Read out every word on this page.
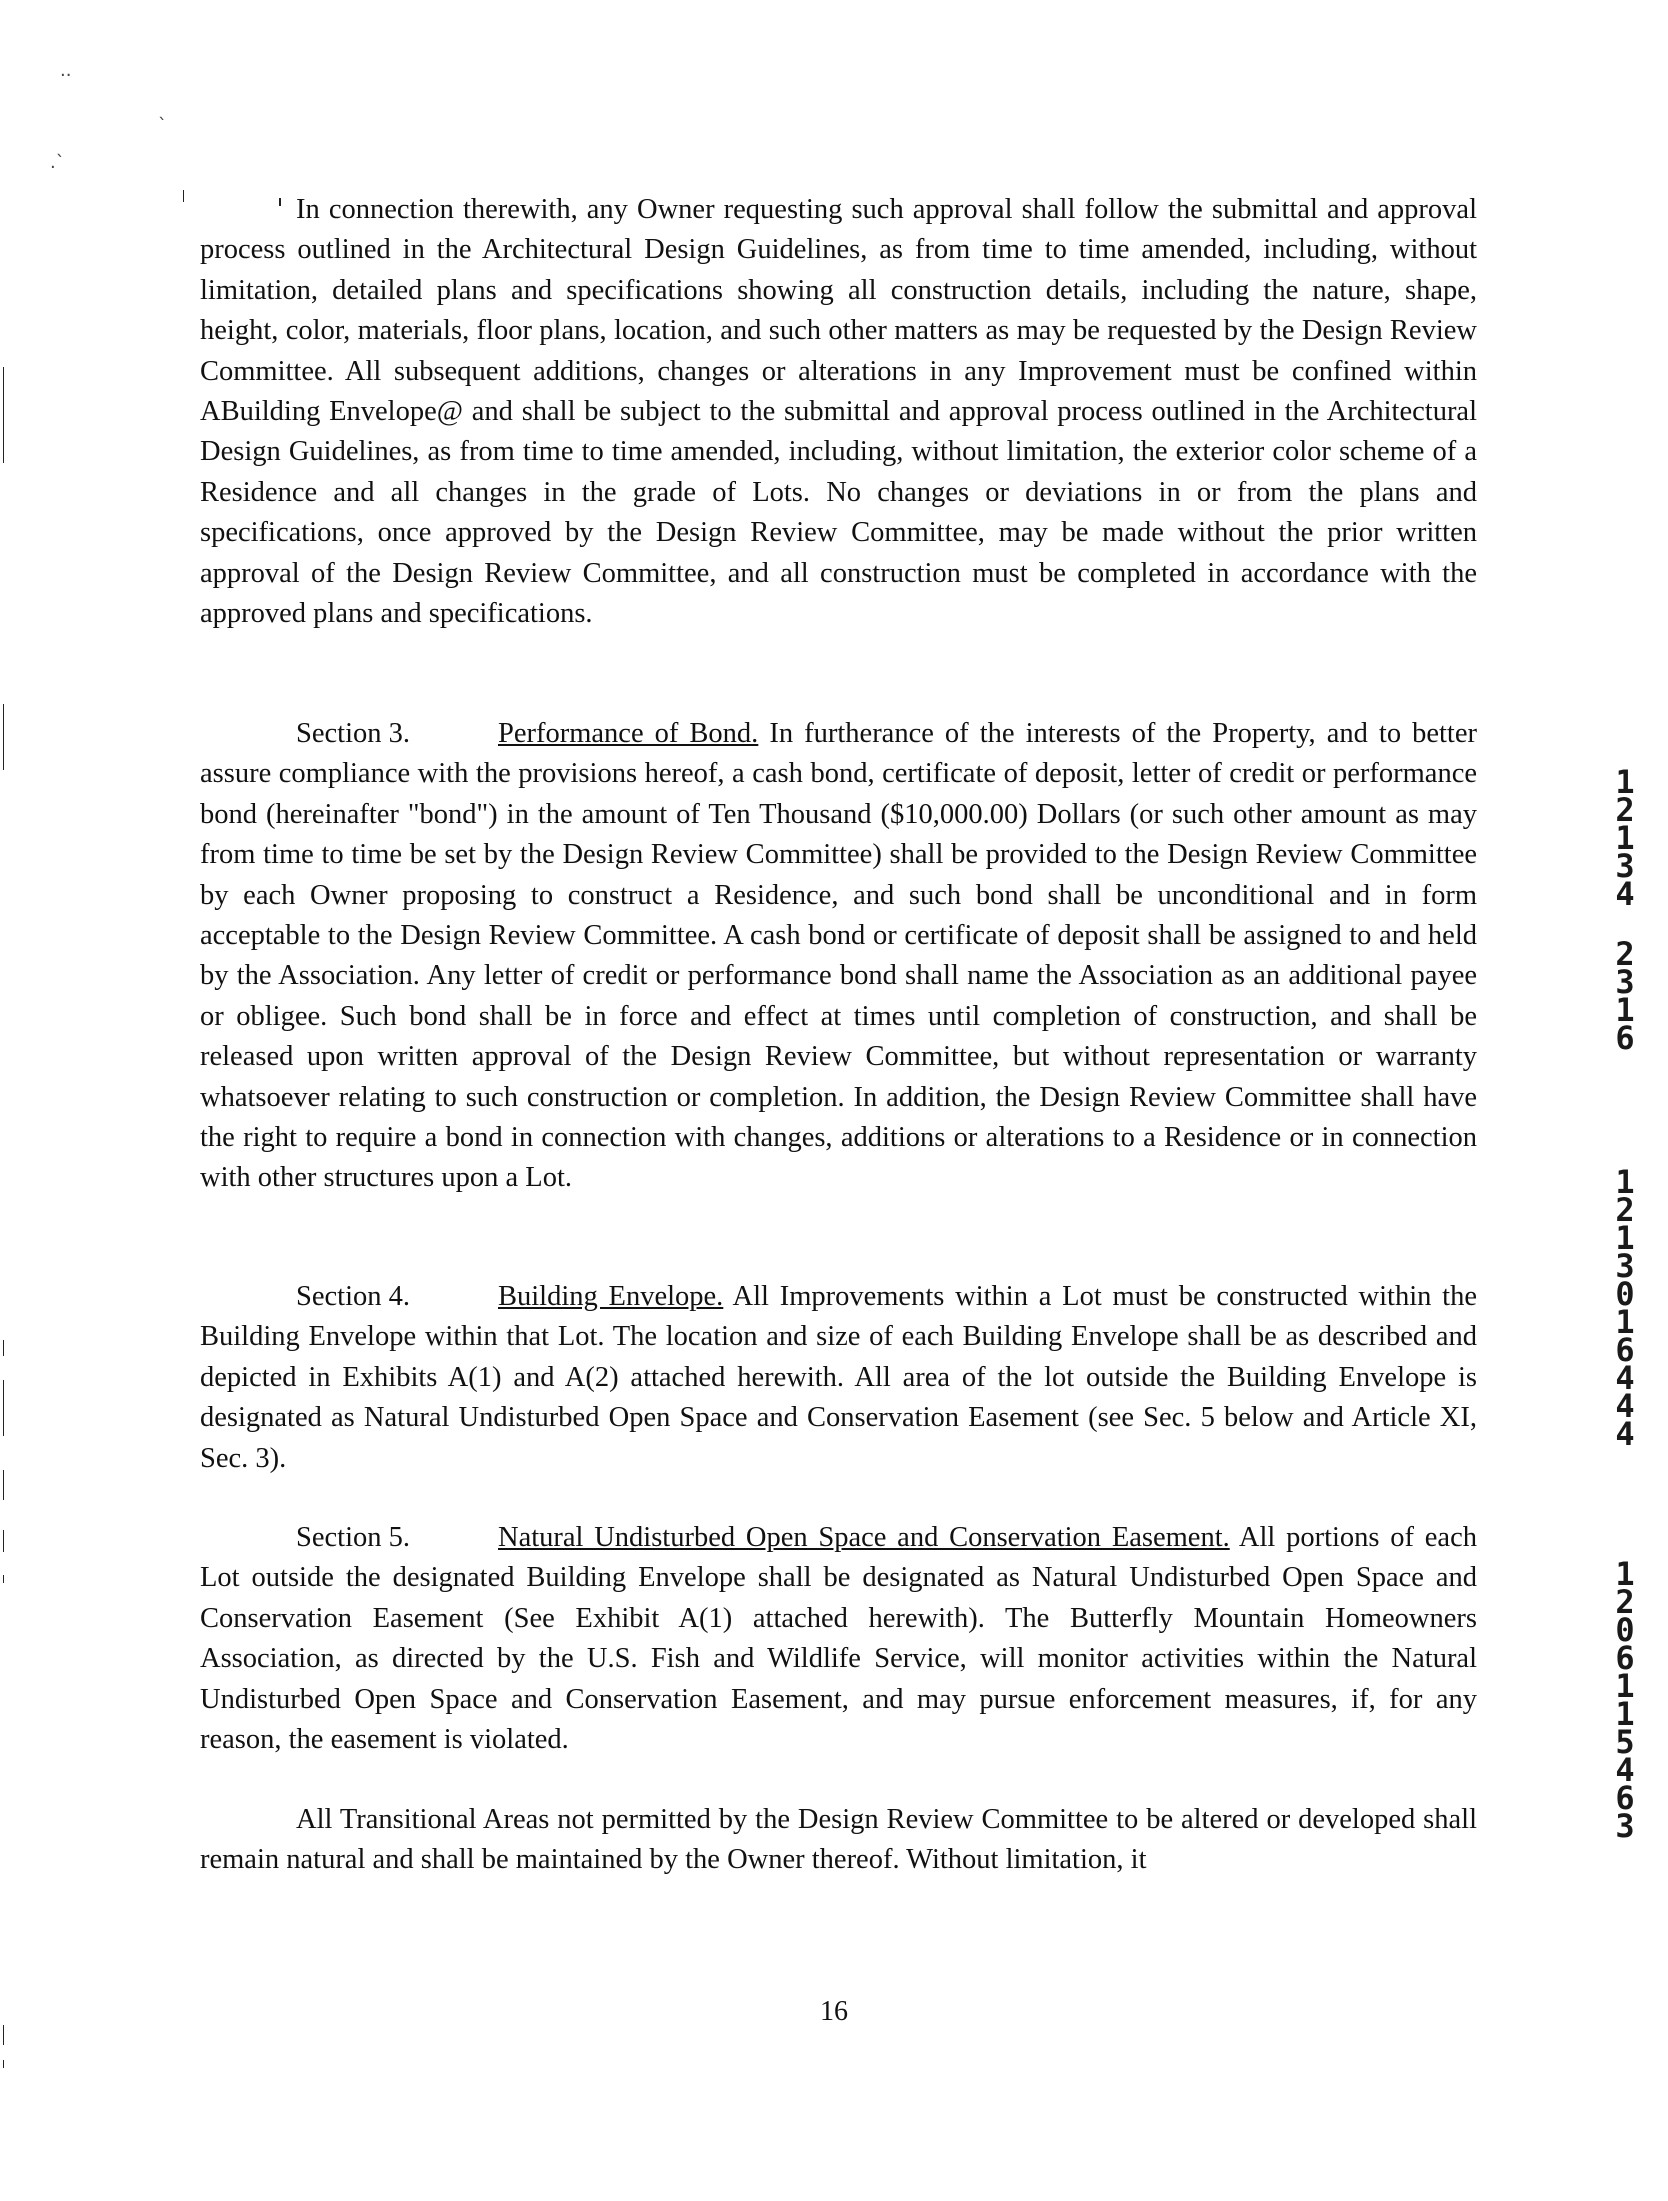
..
ˎ
.ˋ

In connection therewith, any Owner requesting such approval shall follow the submittal and approval process outlined in the Architectural Design Guidelines, as from time to time amended, including, without limitation, detailed plans and specifications showing all construction details, including the nature, shape, height, color, materials, floor plans, location, and such other matters as may be requested by the Design Review Committee. All subsequent additions, changes or alterations in any Improvement must be confined within ABuilding Envelope@ and shall be subject to the submittal and approval process outlined in the Architectural Design Guidelines, as from time to time amended, including, without limitation, the exterior color scheme of a Residence and all changes in the grade of Lots. No changes or deviations in or from the plans and specifications, once approved by the Design Review Committee, may be made without the prior written approval of the Design Review Committee, and all construction must be completed in accordance with the approved plans and specifications.

Section 3.	Performance of Bond. In furtherance of the interests of the Property, and to better assure compliance with the provisions hereof, a cash bond, certificate of deposit, letter of credit or performance bond (hereinafter "bond") in the amount of Ten Thousand ($10,000.00) Dollars (or such other amount as may from time to time be set by the Design Review Committee) shall be provided to the Design Review Committee by each Owner proposing to construct a Residence, and such bond shall be unconditional and in form acceptable to the Design Review Committee. A cash bond or certificate of deposit shall be assigned to and held by the Association. Any letter of credit or performance bond shall name the Association as an additional payee or obligee. Such bond shall be in force and effect at times until completion of construction, and shall be released upon written approval of the Design Review Committee, but without representation or warranty whatsoever relating to such construction or completion. In addition, the Design Review Committee shall have the right to require a bond in connection with changes, additions or alterations to a Residence or in connection with other structures upon a Lot.

Section 4.	Building Envelope. All Improvements within a Lot must be constructed within the Building Envelope within that Lot. The location and size of each Building Envelope shall be as described and depicted in Exhibits A(1) and A(2) attached herewith. All area of the lot outside the Building Envelope is designated as Natural Undisturbed Open Space and Conservation Easement (see Sec. 5 below and Article XI, Sec. 3).

Section 5.	Natural Undisturbed Open Space and Conservation Easement. All portions of each Lot outside the designated Building Envelope shall be designated as Natural Undisturbed Open Space and Conservation Easement (See Exhibit A(1) attached herewith). The Butterfly Mountain Homeowners Association, as directed by the U.S. Fish and Wildlife Service, will monitor activities within the Natural Undisturbed Open Space and Conservation Easement, and may pursue enforcement measures, if, for any reason, the easement is violated.

All Transitional Areas not permitted by the Design Review Committee to be altered or developed shall remain natural and shall be maintained by the Owner thereof. Without limitation, it

1
2
1
3
4
2
3
1
6
1
2
1
3
0
1
6
4
4
4
1
2
0
6
1
1
5
4
6
3
16
